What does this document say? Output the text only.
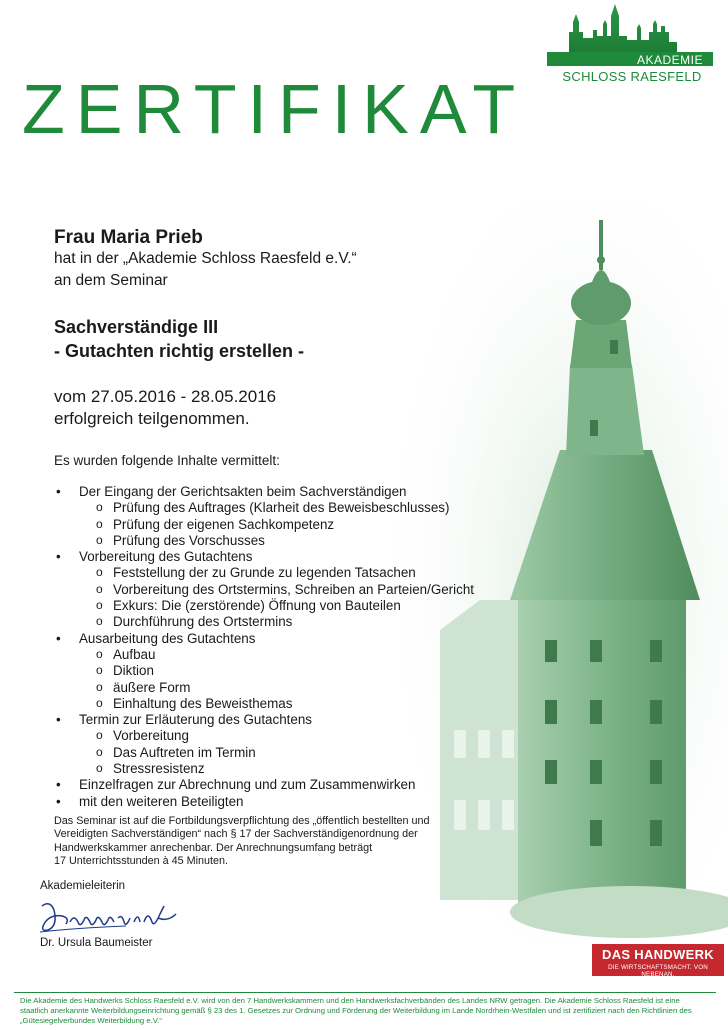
AKADEMIE
SCHLOSS RAESFELD
ZERTIFIKAT
Frau Maria Prieb
hat in der „Akademie Schloss Raesfeld e.V.“
an dem Seminar
Sachverständige III
- Gutachten richtig erstellen -
vom 27.05.2016 - 28.05.2016
erfolgreich teilgenommen.
Es wurden folgende Inhalte vermittelt:
• Der Eingang der Gerichtsakten beim Sachverständigen
o Prüfung des Auftrages (Klarheit des Beweisbeschlusses)
o Prüfung der eigenen Sachkompetenz
o Prüfung des Vorschusses
• Vorbereitung des Gutachtens
o Feststellung der zu Grunde zu legenden Tatsachen
o Vorbereitung des Ortstermins, Schreiben an Parteien/Gericht
o Exkurs: Die (zerstörende) Öffnung von Bauteilen
o Durchführung des Ortstermins
• Ausarbeitung des Gutachtens
o Aufbau
o Diktion
o äußere Form
o Einhaltung des Beweisthemas
• Termin zur Erläuterung des Gutachtens
o Vorbereitung
o Das Auftreten im Termin
o Stressresistenz
• Einzelfragen zur Abrechnung und zum Zusammenwirken
• mit den weiteren Beteiligten
Das Seminar ist auf die Fortbildungsverpflichtung des „öffentlich bestellten und
Vereidigten Sachverständigen“ nach § 17 der Sachverständigenordnung der
Handwerkskammer anrechenbar. Der Anrechnungsumfang beträgt
17 Unterrichtsstunden à 45 Minuten.
Akademieleiterin
Dr. Ursula Baumeister
DAS HANDWERK
DIE WIRTSCHAFTSMACHT. VON NEBENAN.
Die Akademie des Handwerks Schloss Raesfeld e.V. wird von den 7 Handwerkskammern und den Handwerksfachverbänden des Landes NRW getragen. Die Akademie Schloss Raesfeld ist eine
staatlich anerkannte Weiterbildungseinrichtung gemäß § 23 des 1. Gesetzes zur Ordnung und Förderung der Weiterbildung im Lande Nordrhein-Westfalen und ist zertifiziert nach den Richtlinien des
„Gütesiegelverbundes Weiterbildung e.V.“
